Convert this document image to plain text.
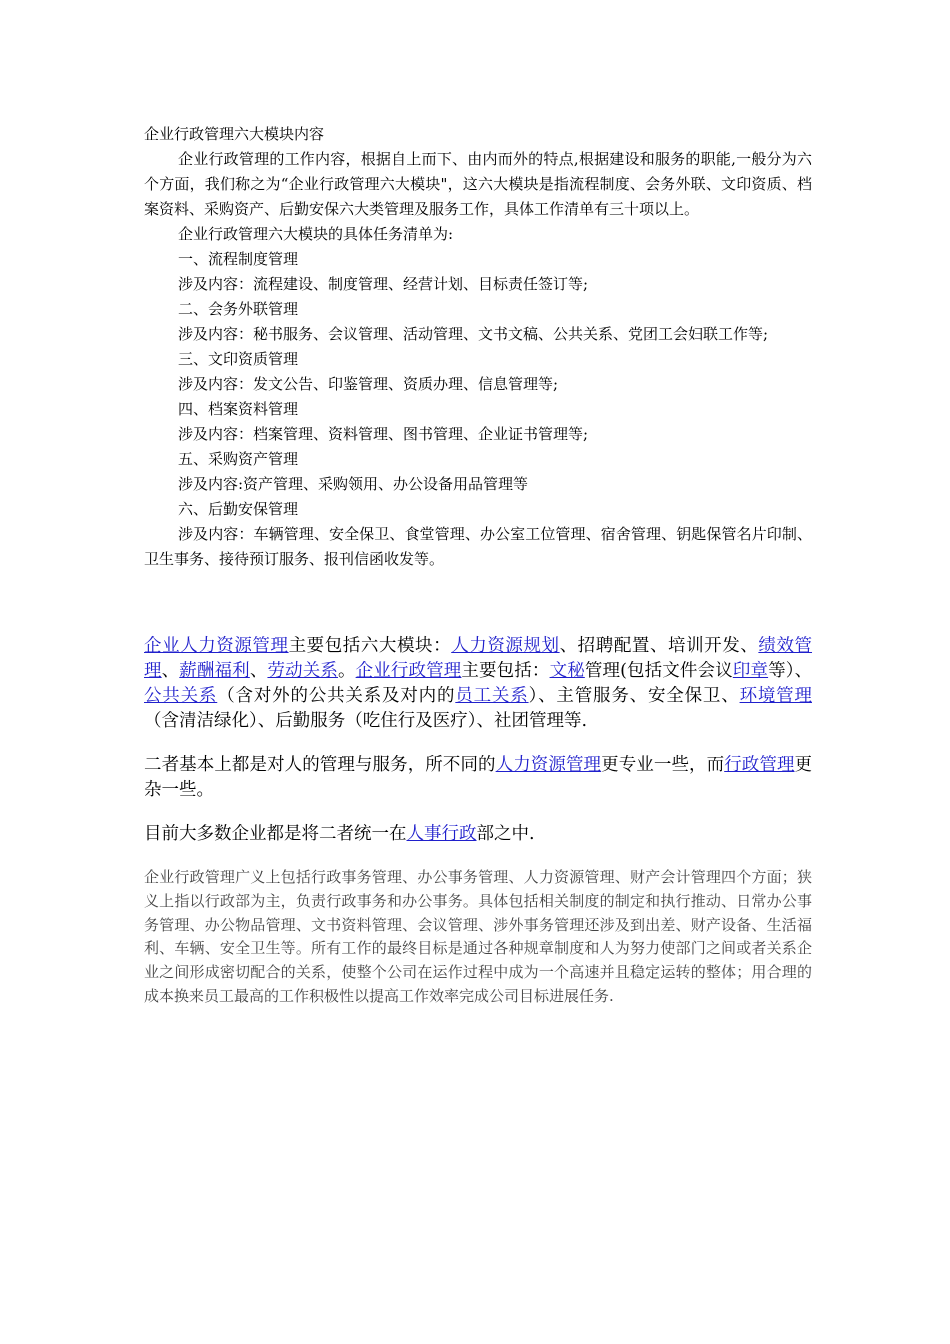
企业行政管理六大模块内容

企业行政管理的工作内容，根据自上而下、由内而外的特点,根据建设和服务的职能,一般分为六个方面，我们称之为“企业行政管理六大模块"，这六大模块是指流程制度、会务外联、文印资质、档案资料、采购资产、后勤安保六大类管理及服务工作，具体工作清单有三十项以上。

企业行政管理六大模块的具体任务清单为:

一、流程制度管理

涉及内容：流程建设、制度管理、经营计划、目标责任签订等;

二、会务外联管理

涉及内容：秘书服务、会议管理、活动管理、文书文稿、公共关系、党团工会妇联工作等;

三、文印资质管理

涉及内容：发文公告、印鉴管理、资质办理、信息管理等;

四、档案资料管理

涉及内容：档案管理、资料管理、图书管理、企业证书管理等;

五、采购资产管理

涉及内容:资产管理、采购领用、办公设备用品管理等

六、后勤安保管理

涉及内容：车辆管理、安全保卫、食堂管理、办公室工位管理、宿舍管理、钥匙保管名片印制、卫生事务、接待预订服务、报刊信函收发等。

企业人力资源管理主要包括六大模块：人力资源规划、招聘配置、培训开发、绩效管理、薪酬福利、劳动关系。企业行政管理主要包括：文秘管理(包括文件会议印章等）、公共关系（含对外的公共关系及对内的员工关系）、主管服务、安全保卫、环境管理（含清洁绿化）、后勤服务（吃住行及医疗）、社团管理等.

二者基本上都是对人的管理与服务，所不同的人力资源管理更专业一些，而行政管理更杂一些。

目前大多数企业都是将二者统一在人事行政部之中.

企业行政管理广义上包括行政事务管理、办公事务管理、人力资源管理、财产会计管理四个方面；狭义上指以行政部为主，负责行政事务和办公事务。具体包括相关制度的制定和执行推动、日常办公事务管理、办公物品管理、文书资料管理、会议管理、涉外事务管理还涉及到出差、财产设备、生活福利、车辆、安全卫生等。所有工作的最终目标是通过各种规章制度和人为努力使部门之间或者关系企业之间形成密切配合的关系，使整个公司在运作过程中成为一个高速并且稳定运转的整体；用合理的成本换来员工最高的工作积极性以提高工作效率完成公司目标进展任务.
